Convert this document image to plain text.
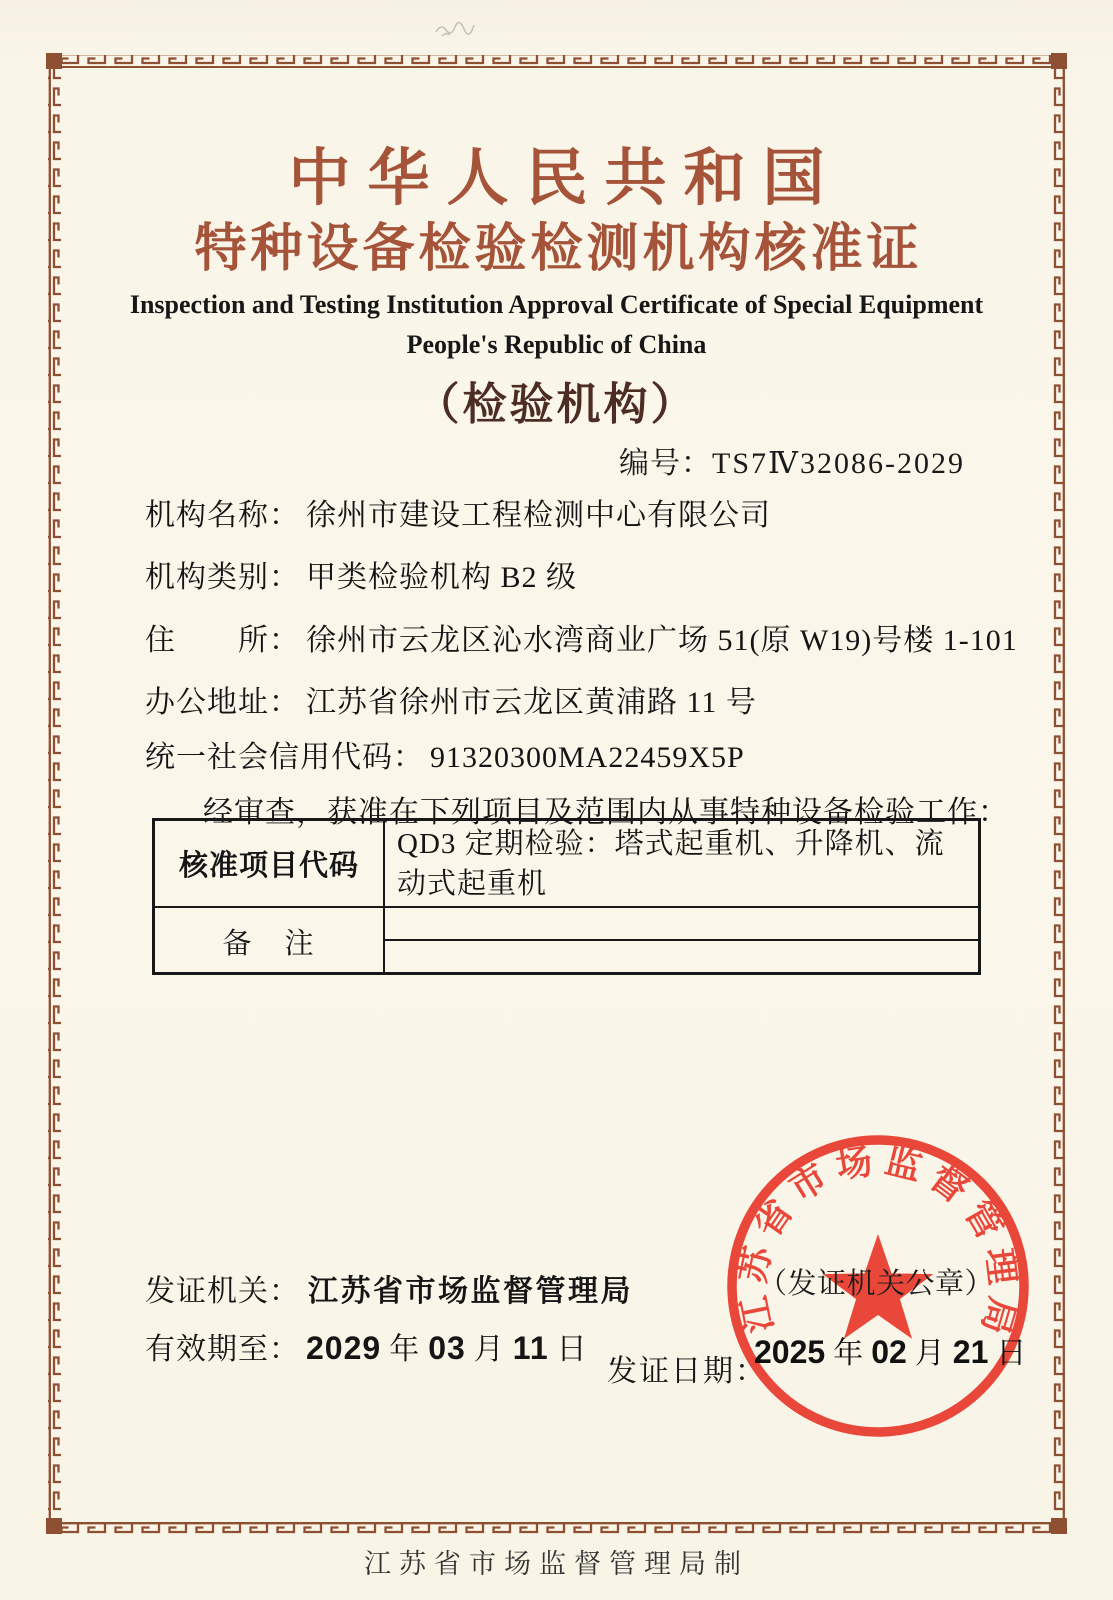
中华人民共和国
特种设备检验检测机构核准证
Inspection and Testing Institution Approval Certificate of Special Equipment
People's Republic of China
（检验机构）
编号：TS7Ⅳ32086-2029
机构名称： 徐州市建设工程检测中心有限公司
机构类别： 甲类检验机构 B2 级
住　　所： 徐州市云龙区沁水湾商业广场 51(原 W19)号楼 1-101
办公地址： 江苏省徐州市云龙区黄浦路 11 号
统一社会信用代码： 91320300MA22459X5P
经审查，获准在下列项目及范围内从事特种设备检验工作：
核准项目代码
QD3 定期检验：塔式起重机、升降机、流动式起重机
备　注
发证机关： 江苏省市场监督管理局
有效期至： 2029 年 03 月 11 日
发证日期：
2025 年 02 月 21 日
江苏省市场监督管理局
（发证机关公章）
江苏省市场监督管理局制
